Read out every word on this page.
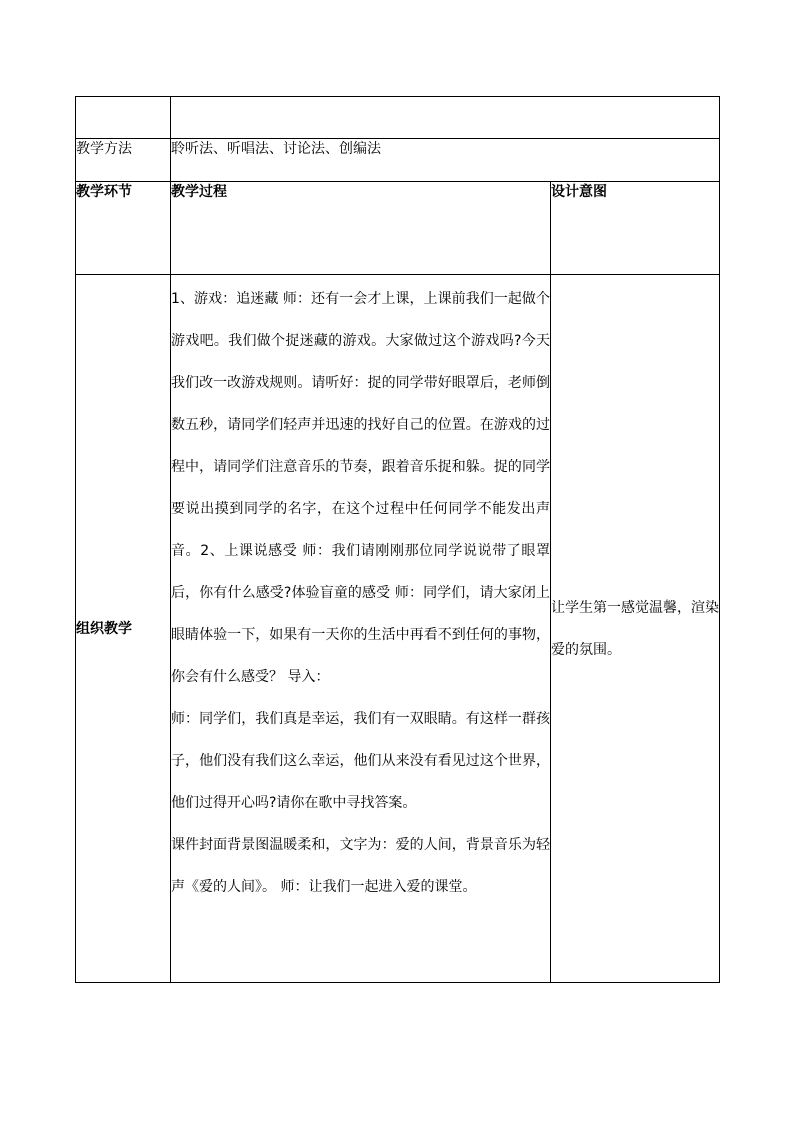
教学方法	聆听法、听唱法、讨论法、创编法	
教学环节	教学过程	设计意图
组织教学	1、游戏：追迷藏 师：还有一会才上课，上课前我们一起做个游戏吧。我们做个捉迷藏的游戏。大家做过这个游戏吗?今天我们改一改游戏规则。请听好：捉的同学带好眼罩后，老师倒数五秒，请同学们轻声并迅速的找好自己的位置。在游戏的过程中，请同学们注意音乐的节奏，跟着音乐捉和躲。捉的同学要说出摸到同学的名字，在这个过程中任何同学不能发出声音。2、上课说感受 师：我们请刚刚那位同学说说带了眼罩后，你有什么感受?体验盲童的感受 师：同学们，请大家闭上眼睛体验一下，如果有一天你的生活中再看不到任何的事物，你会有什么感受？ 导入：

师：同学们，我们真是幸运，我们有一双眼睛。有这样一群孩子，他们没有我们这么幸运，他们从来没有看见过这个世界，他们过得开心吗?请你在歌中寻找答案。

课件封面背景图温暖柔和，文字为：爱的人间，背景音乐为轻声《爱的人间》。 师：让我们一起进入爱的课堂。	让学生第一感觉温馨，渲染爱的氛围。
